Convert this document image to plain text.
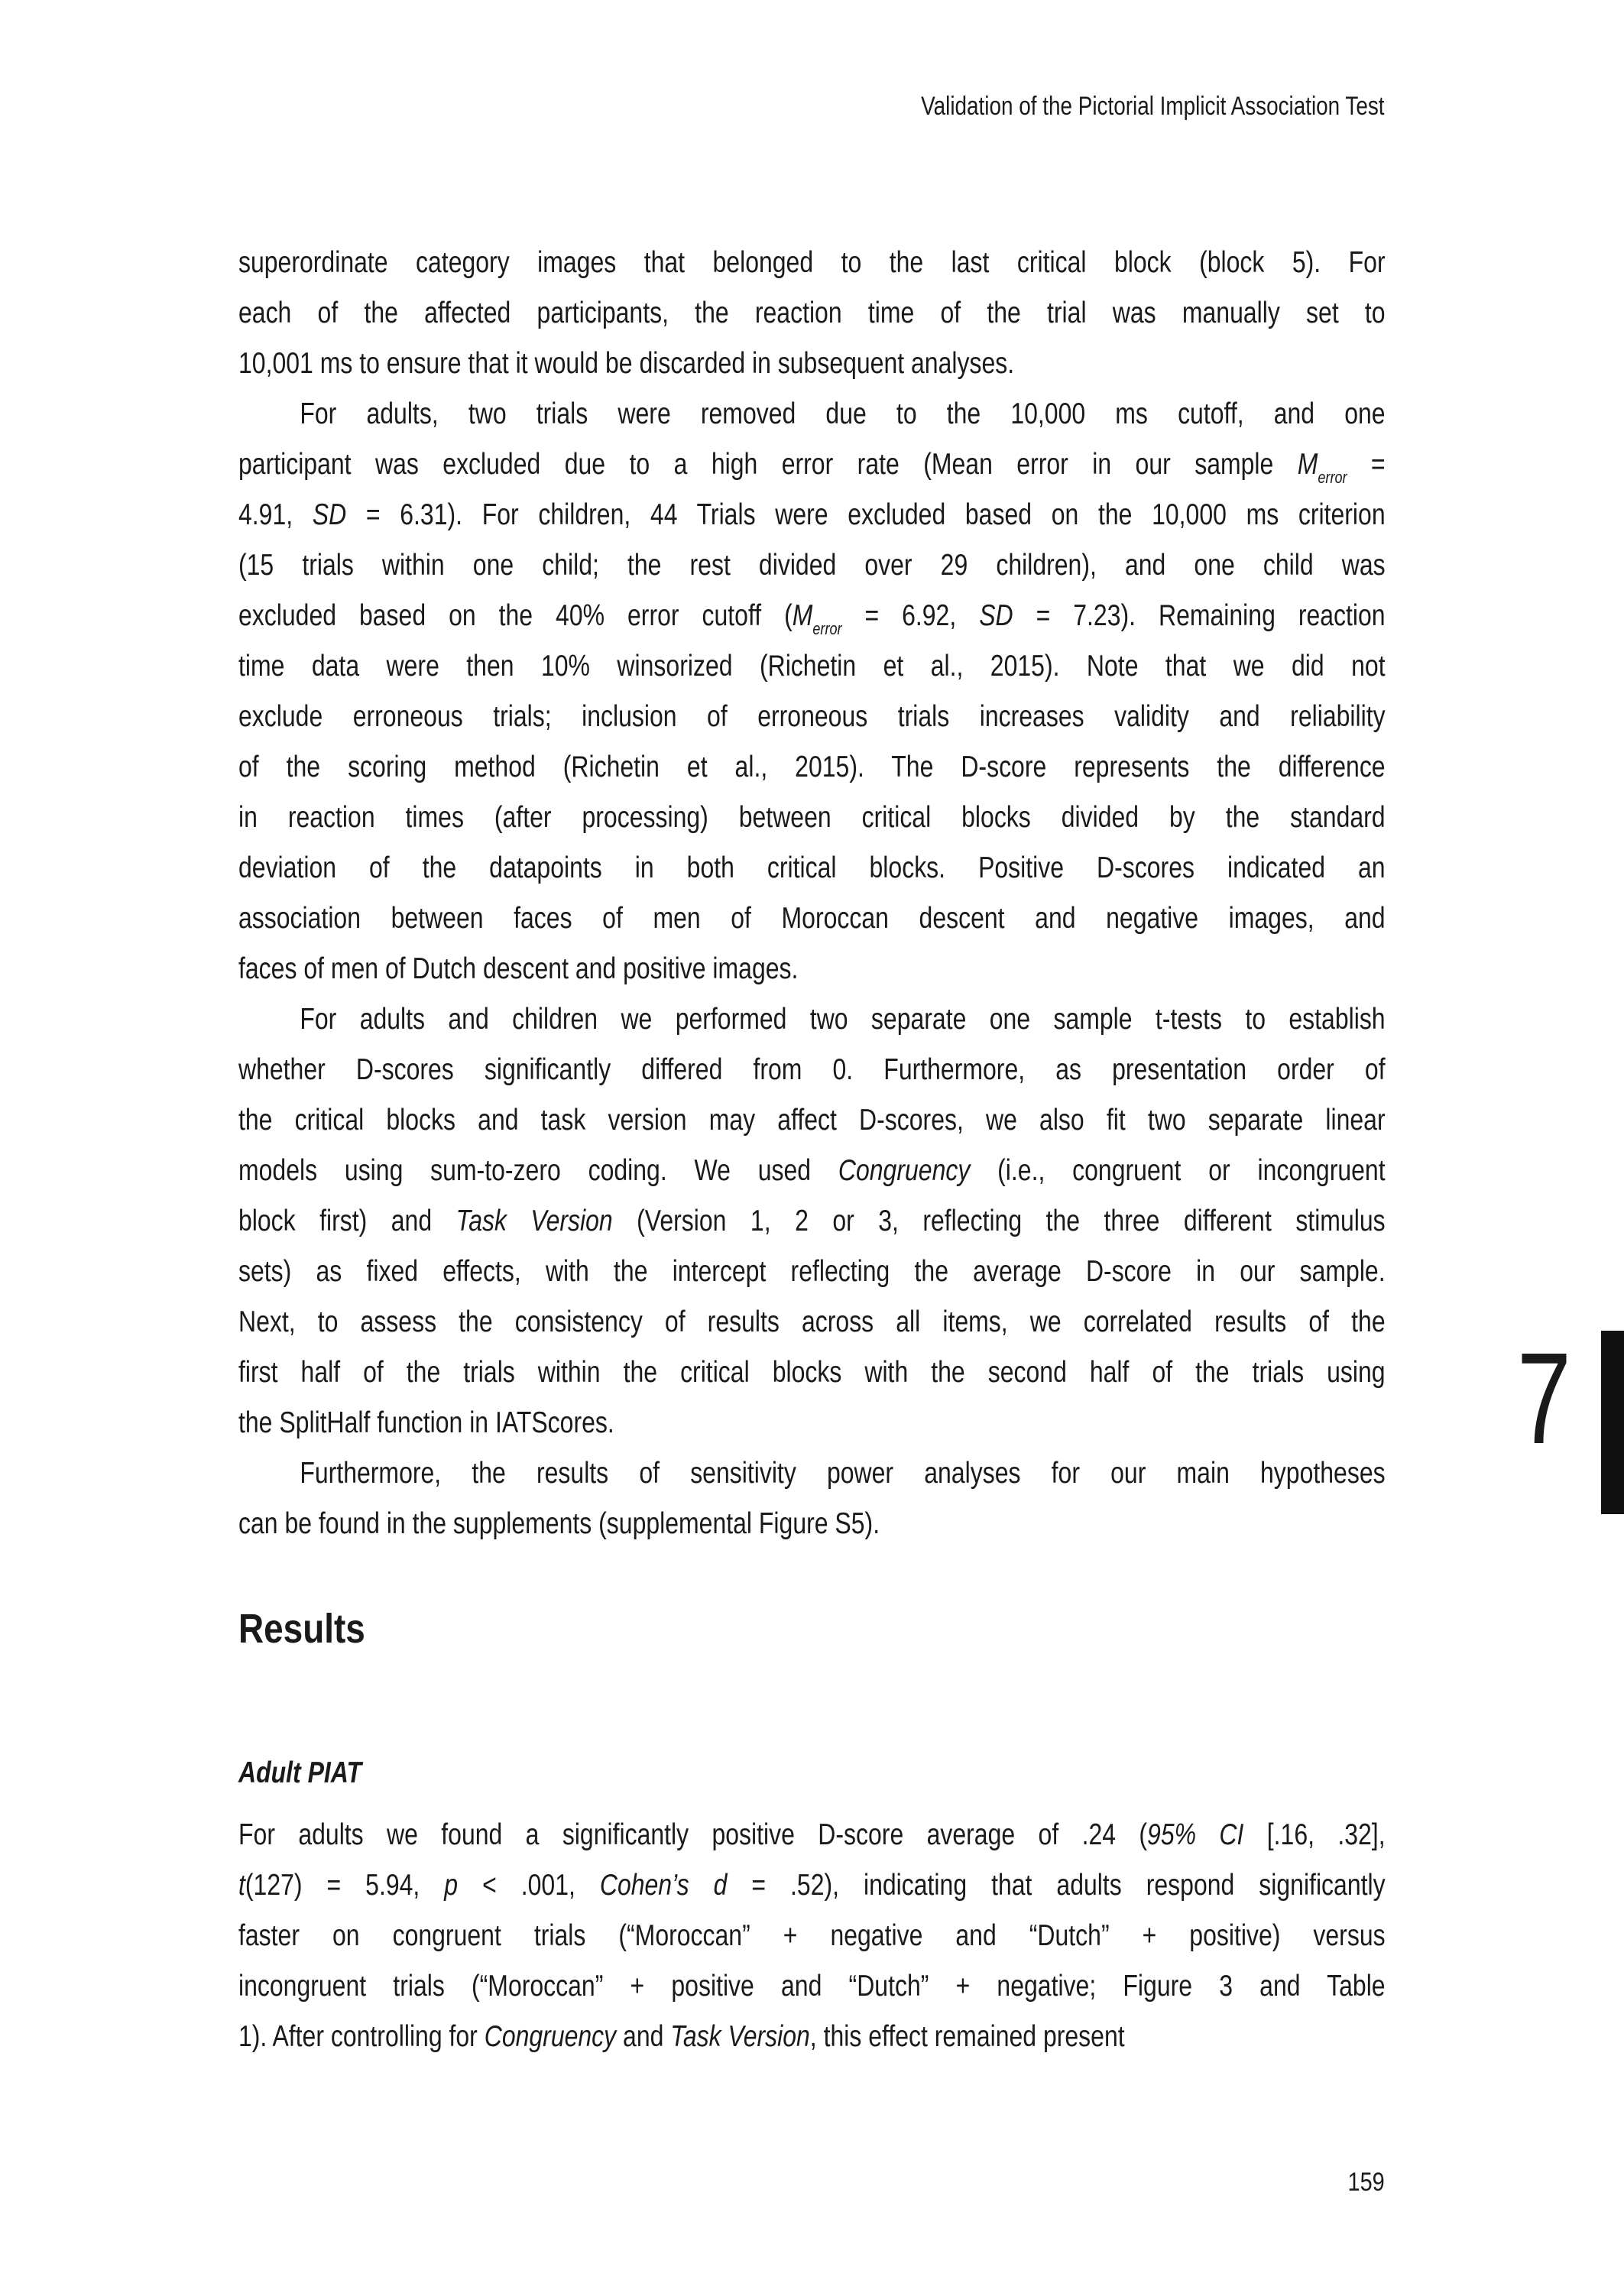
Validation of the Pictorial Implicit Association Test
superordinate category images that belonged to the last critical block (block 5). For
each of the affected participants, the reaction time of the trial was manually set to
10,001 ms to ensure that it would be discarded in subsequent analyses.
For adults, two trials were removed due to the 10,000 ms cutoff, and one
participant was excluded due to a high error rate (Mean error in our sample $M_{error}$ =
4.91, SD = 6.31). For children, 44 Trials were excluded based on the 10,000 ms criterion
(15 trials within one child; the rest divided over 29 children), and one child was
excluded based on the 40% error cutoff ($M_{error} = 6.92$, SD = 7.23). Remaining reaction
time data were then 10% winsorized (Richetin et al., 2015). Note that we did not
exclude erroneous trials; inclusion of erroneous trials increases validity and reliability
of the scoring method (Richetin et al., 2015). The D-score represents the difference
in reaction times (after processing) between critical blocks divided by the standard
deviation of the datapoints in both critical blocks. Positive D-scores indicated an
association between faces of men of Moroccan descent and negative images, and
faces of men of Dutch descent and positive images.
For adults and children we performed two separate one sample t-tests to establish
whether D-scores significantly differed from 0. Furthermore, as presentation order of
the critical blocks and task version may affect D-scores, we also fit two separate linear
models using sum-to-zero coding. We used Congruency (i.e., congruent or incongruent
block first) and Task Version (Version 1, 2 or 3, reflecting the three different stimulus
sets) as fixed effects, with the intercept reflecting the average D-score in our sample.
Next, to assess the consistency of results across all items, we correlated results of the
first half of the trials within the critical blocks with the second half of the trials using
the SplitHalf function in IATScores.
Furthermore, the results of sensitivity power analyses for our main hypotheses
can be found in the supplements (supplemental Figure S5).
Results
Adult PIAT
For adults we found a significantly positive D-score average of .24 (95% CI [.16, .32],
t(127) = 5.94, p < .001, Cohen’s d = .52), indicating that adults respond significantly
faster on congruent trials (“Moroccan” + negative and “Dutch” + positive) versus
incongruent trials (“Moroccan” + positive and “Dutch” + negative; Figure 3 and Table
1). After controlling for Congruency and Task Version, this effect remained present
7
159
